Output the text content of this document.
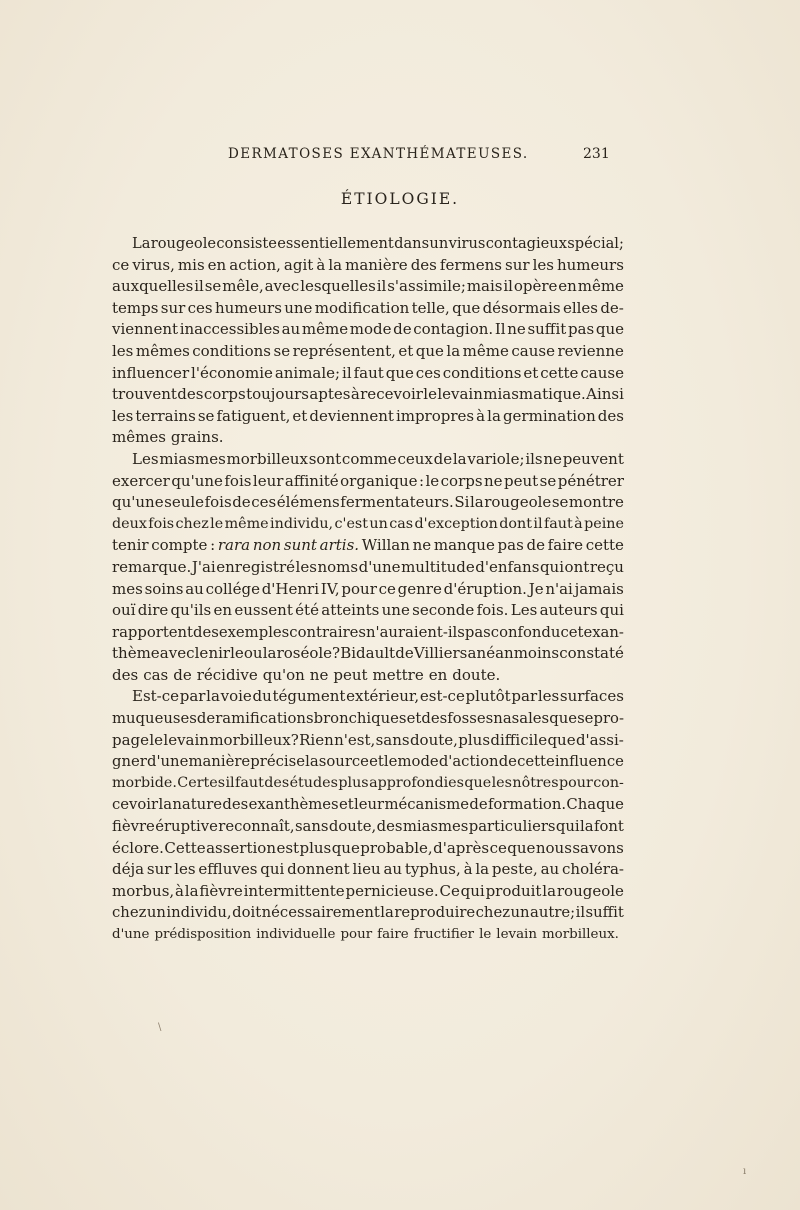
DERMATOSES EXANTHÉMATEUSES.	231
ÉTIOLOGIE.
La rougeole consiste essentiellement dans un virus contagieux spécial;
ce virus, mis en action, agit à la manière des fermens sur les humeurs
auxquelles il se mêle, avec lesquelles il s'assimile; mais il opère en même
temps sur ces humeurs une modification telle, que désormais elles de-
viennent inaccessibles au même mode de contagion. Il ne suffit pas que
les mêmes conditions se représentent, et que la même cause revienne
influencer l'économie animale; il faut que ces conditions et cette cause
trouvent des corps toujours aptes à recevoir le levain miasmatique. Ainsi
les terrains se fatiguent, et deviennent impropres à la germination des
mêmes grains.
Les miasmes morbilleux sont comme ceux de la variole; ils ne peuvent
exercer qu'une fois leur affinité organique : le corps ne peut se pénétrer
qu'une seule fois de ces élémens fermentateurs. Si la rougeole se montre
deux fois chez le même individu, c'est un cas d'exception dont il faut à peine
tenir compte : rara non sunt artis. Willan ne manque pas de faire cette
remarque. J'ai enregistré les noms d'une multitude d'enfans qui ont reçu
mes soins au collége d'Henri IV, pour ce genre d'éruption. Je n'ai jamais
ouï dire qu'ils en eussent été atteints une seconde fois. Les auteurs qui
rapportent des exemples contraires n'auraient-ils pas confondu cet exan-
thème avec le nirle ou la roséole? Bidault de Villiers a néanmoins constaté
des cas de récidive qu'on ne peut mettre en doute.
Est-ce par la voie du tégument extérieur, est-ce plutôt par les surfaces
muqueuses de ramifications bronchiques et des fosses nasales que se pro-
page le levain morbilleux? Rien n'est, sans doute, plus difficile que d'assi-
gner d'une manière précise la source et le mode d'action de cette influence
morbide. Certes il faut des études plus approfondies que les nôtres pour con-
cevoir la nature des exanthèmes et leur mécanisme de formation. Chaque
fièvre éruptive reconnaît, sans doute, des miasmes particuliers qui la font
éclore. Cette assertion est plus que probable, d'après ce que nous savons
déja sur les effluves qui donnent lieu au typhus, à la peste, au choléra-
morbus, à la fièvre intermittente pernicieuse. Ce qui produit la rougeole
chez un individu, doit nécessairement la reproduire chez un autre; il suffit
d'une prédisposition individuelle pour faire fructifier le levain morbilleux.
\
ı
